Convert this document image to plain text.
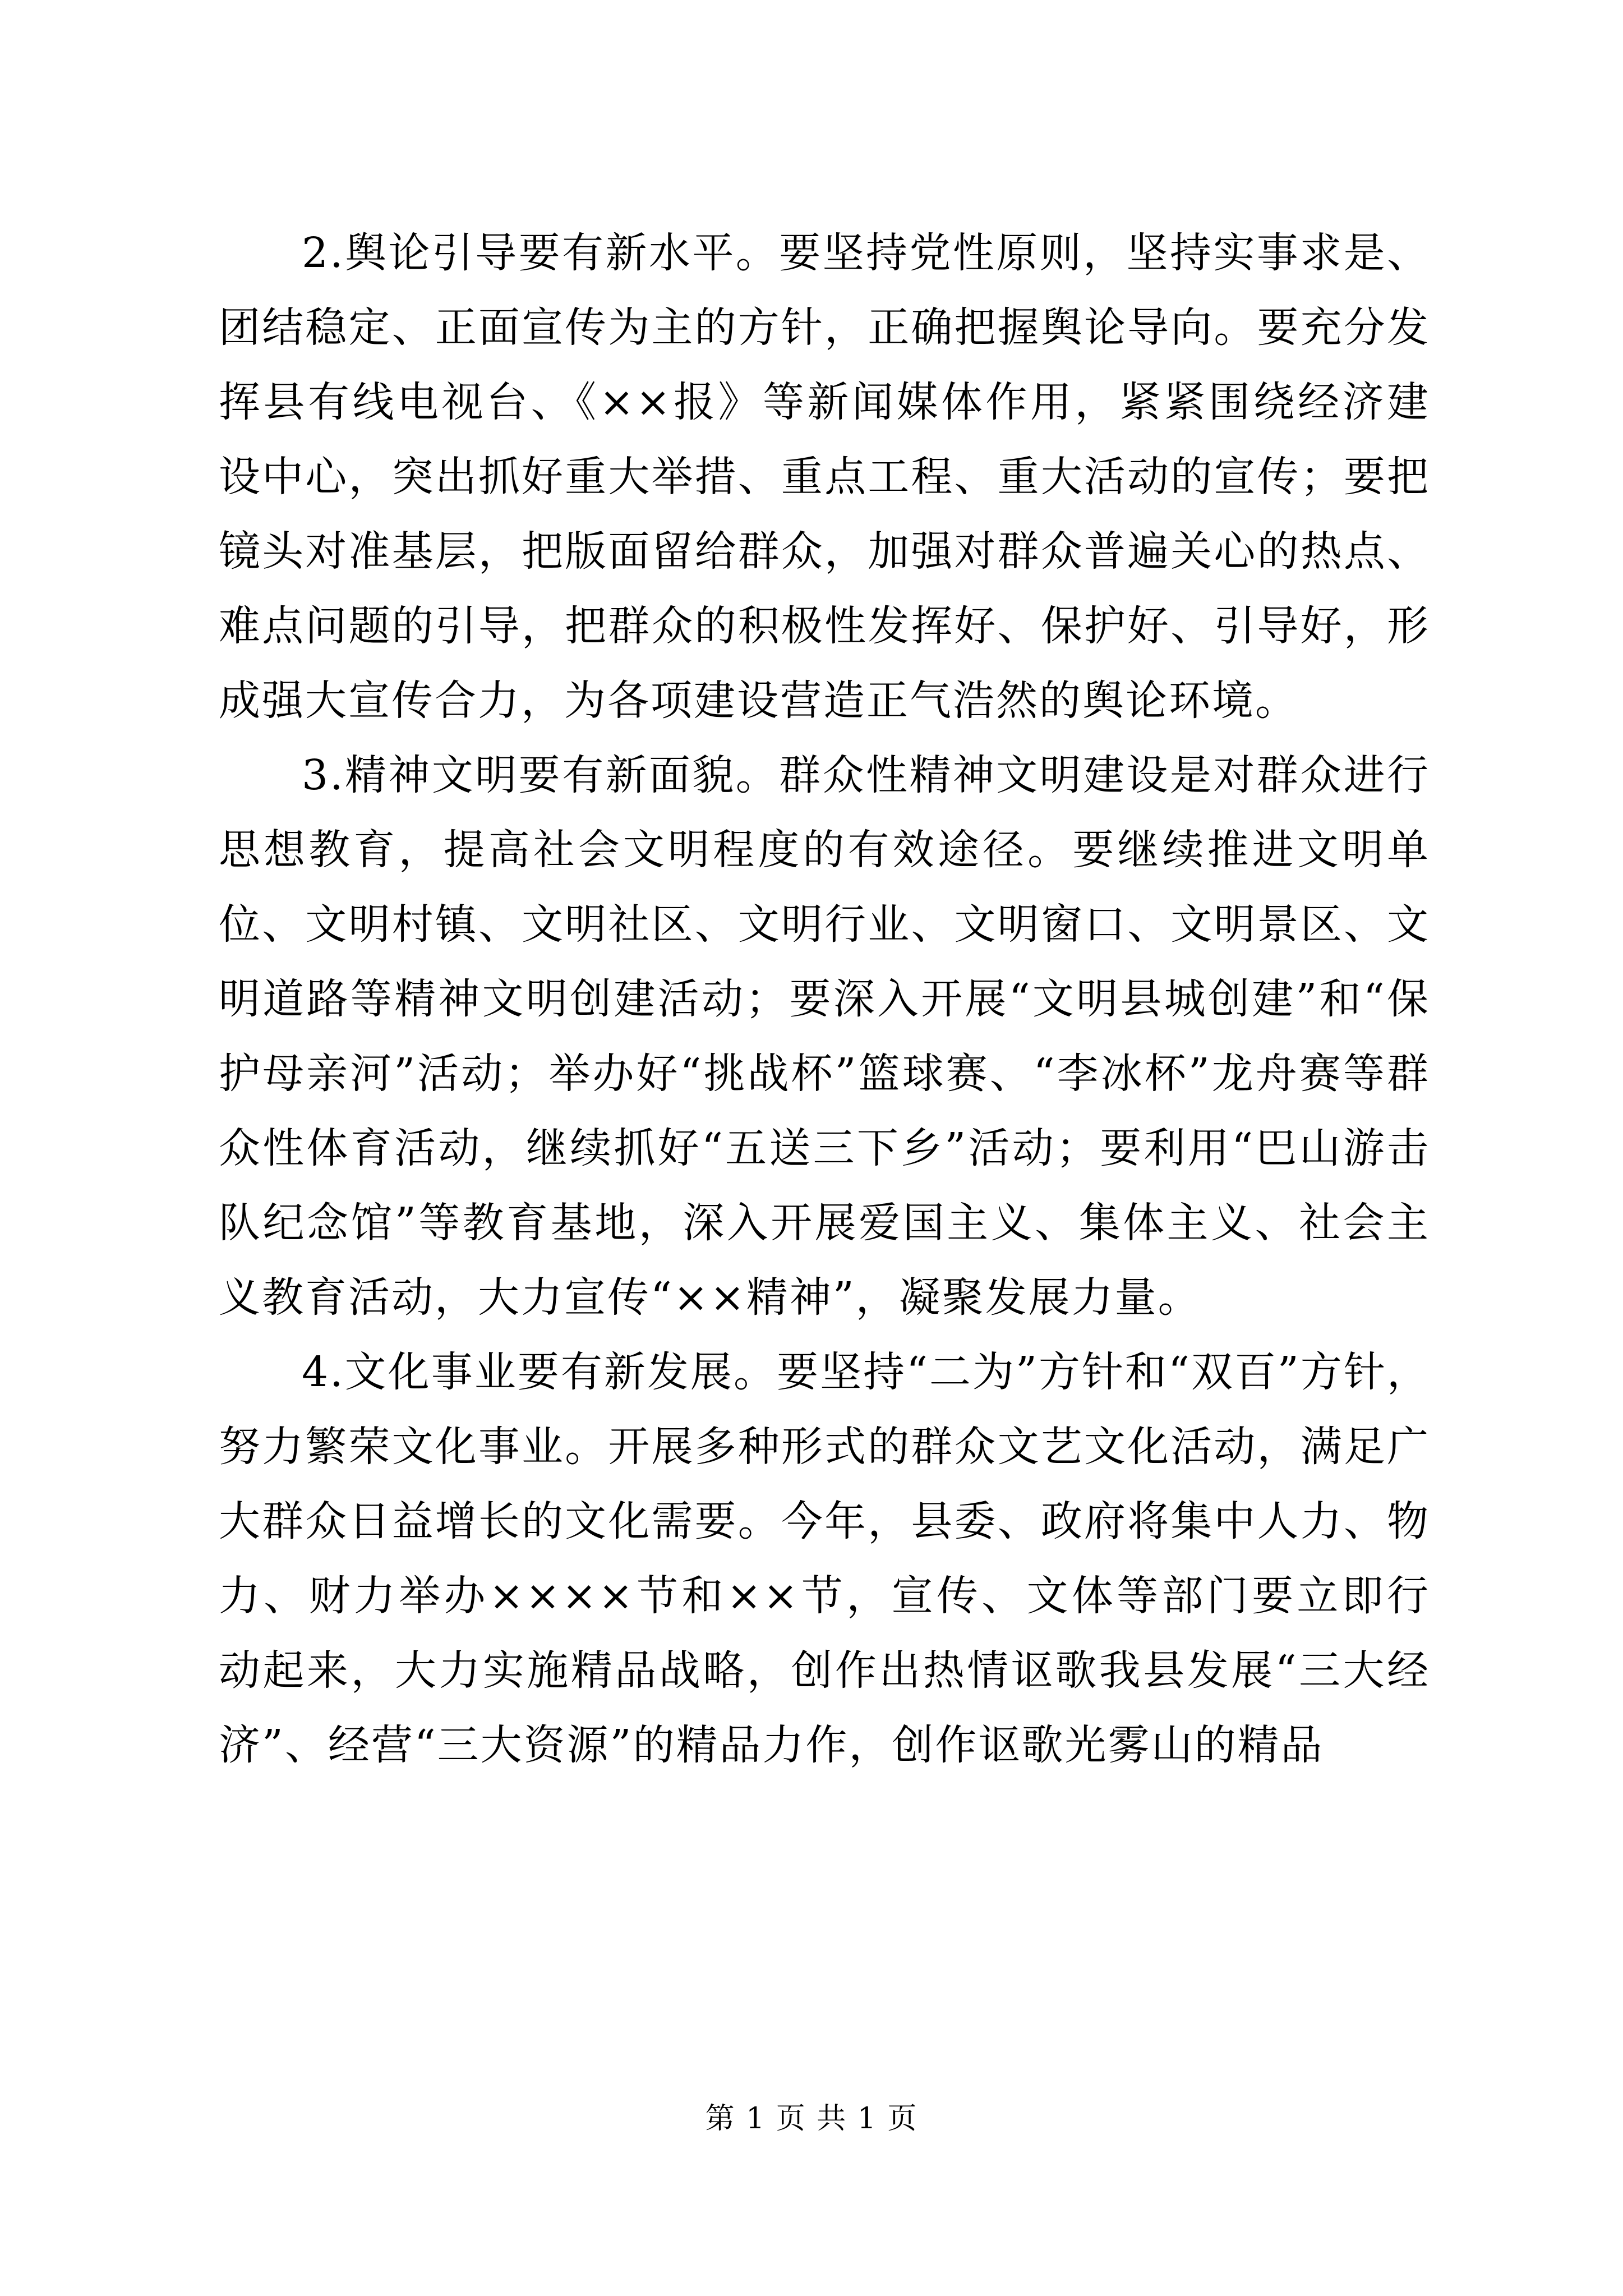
2.舆论引导要有新水平。要坚持党性原则，坚持实事求是、团结稳定、正面宣传为主的方针，正确把握舆论导向。要充分发挥县有线电视台、《××报》等新闻媒体作用，紧紧围绕经济建设中心，突出抓好重大举措、重点工程、重大活动的宣传；要把镜头对准基层，把版面留给群众，加强对群众普遍关心的热点、难点问题的引导，把群众的积极性发挥好、保护好、引导好，形成强大宣传合力，为各项建设营造正气浩然的舆论环境。

3.精神文明要有新面貌。群众性精神文明建设是对群众进行思想教育，提高社会文明程度的有效途径。要继续推进文明单位、文明村镇、文明社区、文明行业、文明窗口、文明景区、文明道路等精神文明创建活动；要深入开展“文明县城创建”和“保护母亲河”活动；举办好“挑战杯”篮球赛、“李冰杯”龙舟赛等群众性体育活动，继续抓好“五送三下乡”活动；要利用“巴山游击队纪念馆”等教育基地，深入开展爱国主义、集体主义、社会主义教育活动，大力宣传“××精神”，凝聚发展力量。

4.文化事业要有新发展。要坚持“二为”方针和“双百”方针，努力繁荣文化事业。开展多种形式的群众文艺文化活动，满足广大群众日益增长的文化需要。今年，县委、政府将集中人力、物力、财力举办××××节和××节，宣传、文体等部门要立即行动起来，大力实施精品战略，创作出热情讴歌我县发展“三大经济”、经营“三大资源”的精品力作，创作讴歌光雾山的精品

第 1 页 共 1 页
